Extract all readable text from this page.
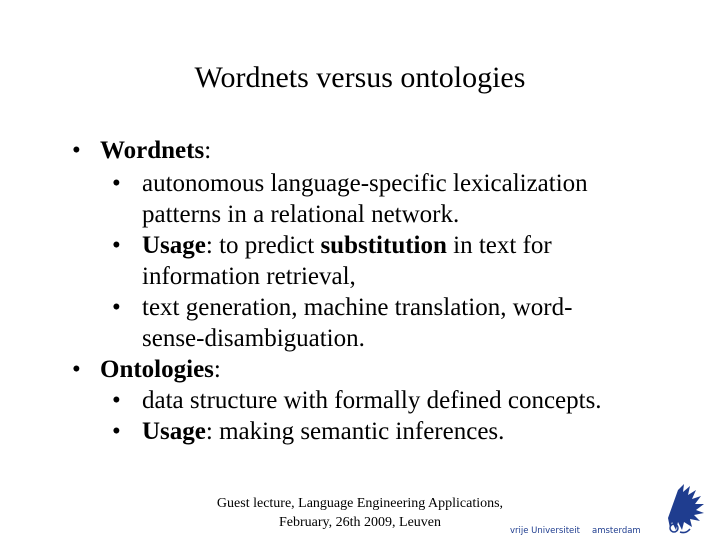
Wordnets versus ontologies
• Wordnets:
• autonomous language-specific lexicalization
patterns in a relational network.
• Usage: to predict substitution in text for
information retrieval,
• text generation, machine translation, word-
sense-disambiguation.
• Ontologies:
• data structure with formally defined concepts.
• Usage: making semantic inferences.
Guest lecture, Language Engineering Applications,
February, 26th 2009, Leuven
vrije Universiteit amsterdam
